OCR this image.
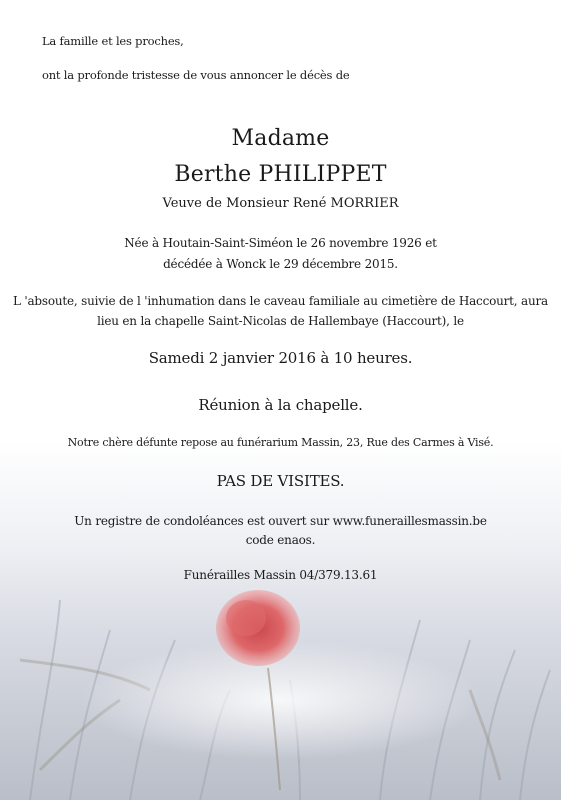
La famille et les proches,
ont la profonde tristesse de vous annoncer le décès de
Madame
Berthe PHILIPPET
Veuve de Monsieur René MORRIER
Née à Houtain-Saint-Siméon le 26 novembre 1926 et
décédée à Wonck le 29 décembre 2015.
L 'absoute, suivie de l 'inhumation dans le caveau familiale au cimetière de Haccourt, aura
lieu en la chapelle Saint-Nicolas de Hallembaye (Haccourt), le
Samedi 2 janvier 2016 à 10 heures.
Réunion à la chapelle.
Notre chère défunte repose au funérarium Massin, 23, Rue des Carmes à Visé.
PAS DE VISITES.
Un registre de condoléances est ouvert sur www.funeraillesmassin.be
code enaos.
Funérailles Massin 04/379.13.61
